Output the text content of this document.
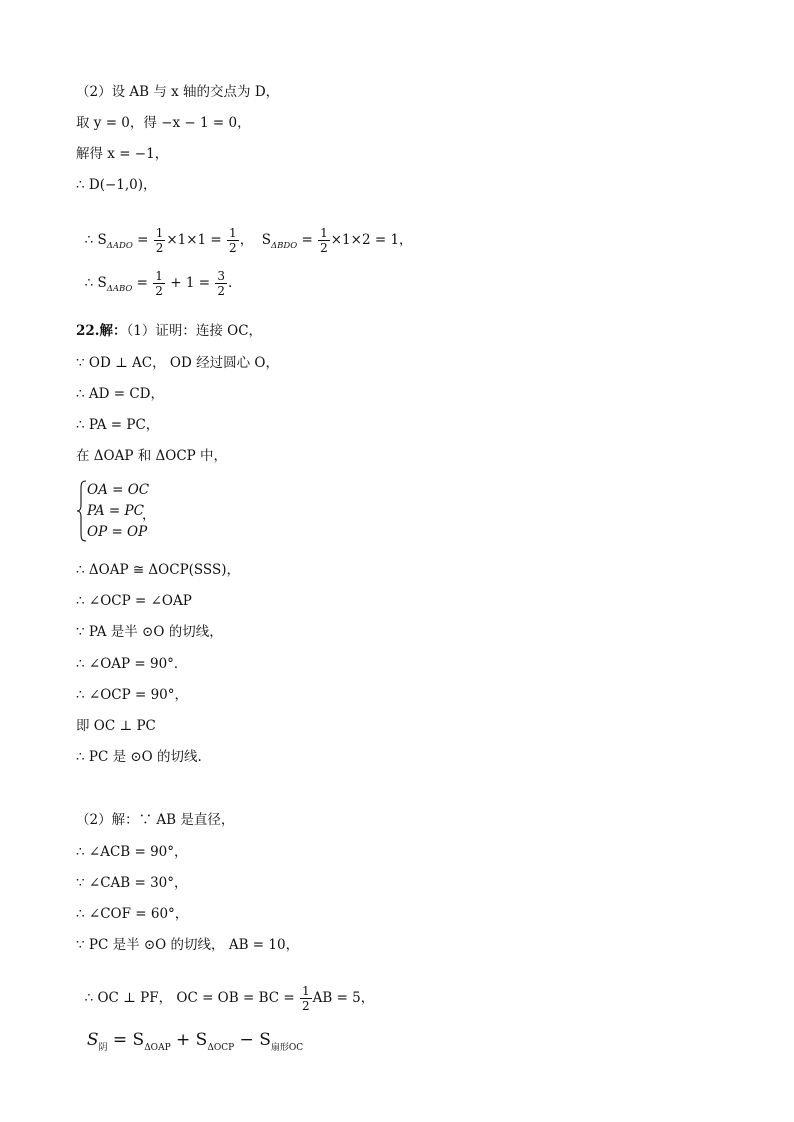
（2）设 AB 与 x 轴的交点为 D，
取 y = 0，得 −x − 1 = 0，
解得 x = −1，
∴ D(−1,0)，

∴ $S_{\Delta ADO} = \frac{1}{2} \times 1\times 1 = \frac{1}{2}$ ，  $S_{\Delta BDO} = \frac{1}{2} \times 1\times 2 = 1$，

∴ $S_{\Delta ABO} = \frac{1}{2} + 1 = \frac{3}{2}$ .

22.解：（1）证明：连接 OC，
∵ OD ⊥ AC， OD 经过圆心 O，
∴ AD = CD，
∴ PA = PC，
在 ΔOAP 和 ΔOCP 中，
OA = OC
PA = PC
OP = OP
，
∴ ΔOAP ≅ ΔOCP(SSS)，
∴ ∠OCP = ∠OAP
∵ PA 是半 ⊙O 的切线，
∴ ∠OAP = 90°．
∴ ∠OCP = 90°，
即 OC ⊥ PC
∴ PC 是 ⊙O 的切线.
（2）解：∵ AB 是直径，
∴ ∠ACB = 90°，
∵ ∠CAB = 30°，
∴ ∠COF = 60°，
∵ PC 是半 ⊙O 的切线， AB = 10，

∴ OC ⊥ PF， OC = OB = BC = $\frac{1}{2}$ AB = 5，

$S_阴 = S_{\Delta OAP} + S_{\Delta OCP} - S_{扇形OC}$
